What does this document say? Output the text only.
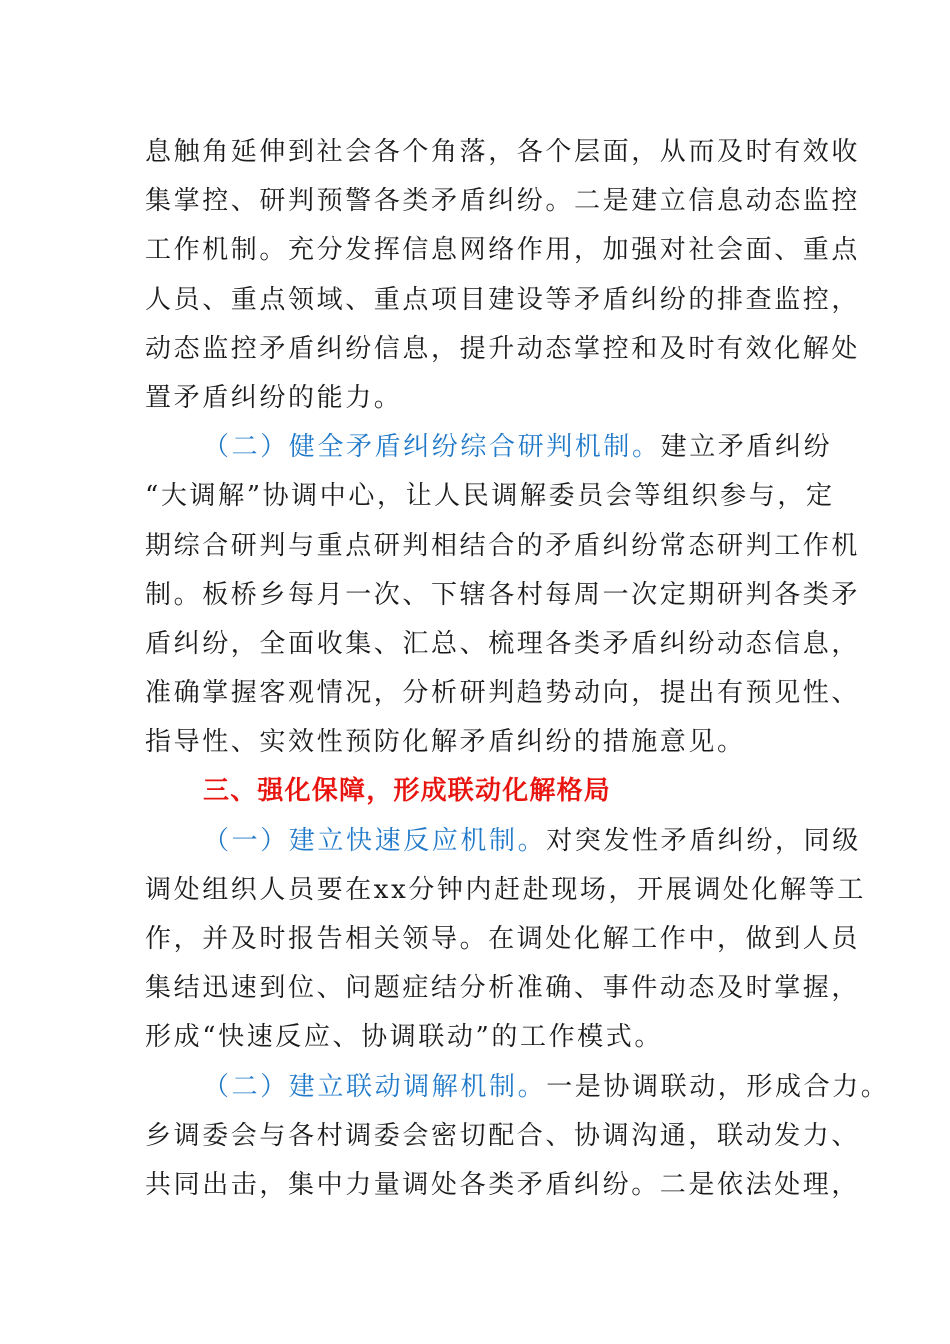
息触角延伸到社会各个角落，各个层面，从而及时有效收
集掌控、研判预警各类矛盾纠纷。二是建立信息动态监控
工作机制。充分发挥信息网络作用，加强对社会面、重点
人员、重点领域、重点项目建设等矛盾纠纷的排查监控，
动态监控矛盾纠纷信息，提升动态掌控和及时有效化解处
置矛盾纠纷的能力。
（二）健全矛盾纠纷综合研判机制。建立矛盾纠纷
“大调解”协调中心，让人民调解委员会等组织参与，定
期综合研判与重点研判相结合的矛盾纠纷常态研判工作机
制。板桥乡每月一次、下辖各村每周一次定期研判各类矛
盾纠纷，全面收集、汇总、梳理各类矛盾纠纷动态信息，
准确掌握客观情况，分析研判趋势动向，提出有预见性、
指导性、实效性预防化解矛盾纠纷的措施意见。
三、强化保障，形成联动化解格局
（一）建立快速反应机制。对突发性矛盾纠纷，同级
调处组织人员要在xx分钟内赶赴现场，开展调处化解等工
作，并及时报告相关领导。在调处化解工作中，做到人员
集结迅速到位、问题症结分析准确、事件动态及时掌握，
形成“快速反应、协调联动”的工作模式。
（二）建立联动调解机制。一是协调联动，形成合力。
乡调委会与各村调委会密切配合、协调沟通，联动发力、
共同出击，集中力量调处各类矛盾纠纷。二是依法处理，
